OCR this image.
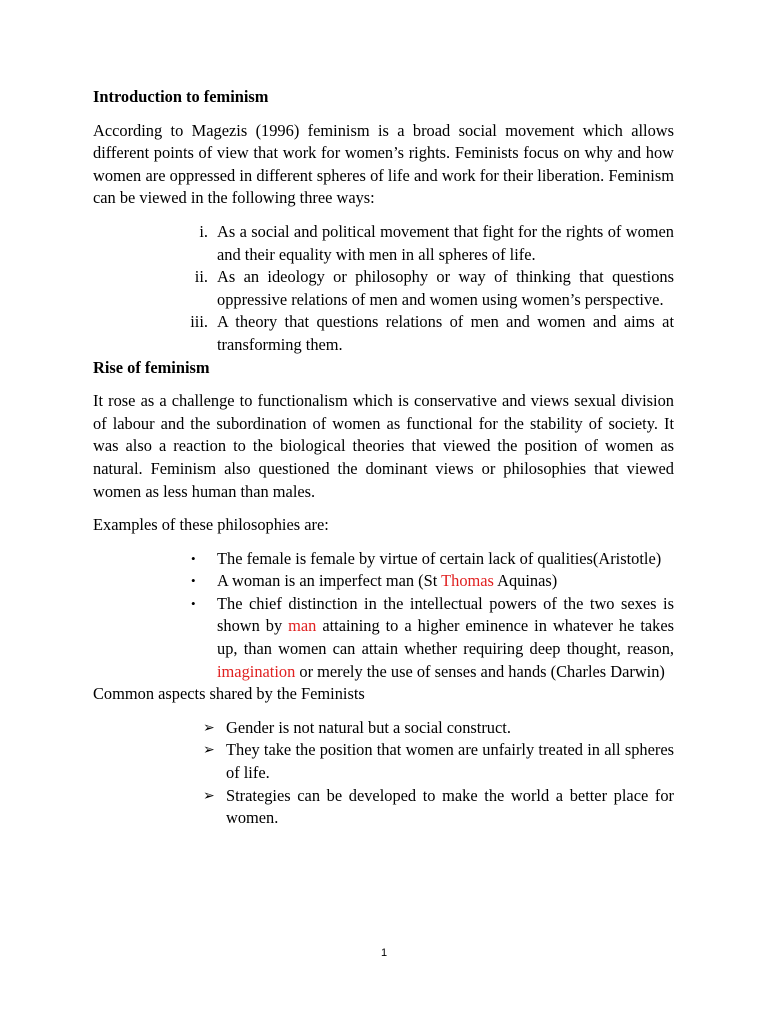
Introduction to feminism

According to Magezis (1996) feminism is a broad social movement which allows different points of view that work for women’s rights. Feminists focus on why and how women are oppressed in different spheres of life and work for their liberation. Feminism can be viewed in the following three ways:

i. As a social and political movement that fight for the rights of women and their equality with men in all spheres of life.
ii. As an ideology or philosophy or way of thinking that questions oppressive relations of men and women using women’s perspective.
iii. A theory that questions relations of men and women and aims at transforming them.
Rise of feminism

It rose as a challenge to functionalism which is conservative and views sexual division of labour and the subordination of women as functional for the stability of society. It was also a reaction to the biological theories that viewed the position of women as natural. Feminism also questioned the dominant views or philosophies that viewed women as less human than males.

Examples of these philosophies are:

• The female is female by virtue of certain lack of qualities(Aristotle)
• A woman is an imperfect man (St Thomas Aquinas)
• The chief distinction in the intellectual powers of the two sexes is shown by man attaining to a higher eminence in whatever he takes up, than women can attain whether requiring deep thought, reason, imagination or merely the use of senses and hands (Charles Darwin)

Common aspects shared by the Feminists

➢ Gender is not natural but a social construct.
➢ They take the position that women are unfairly treated in all spheres of life.
➢ Strategies can be developed to make the world a better place for women.
1
